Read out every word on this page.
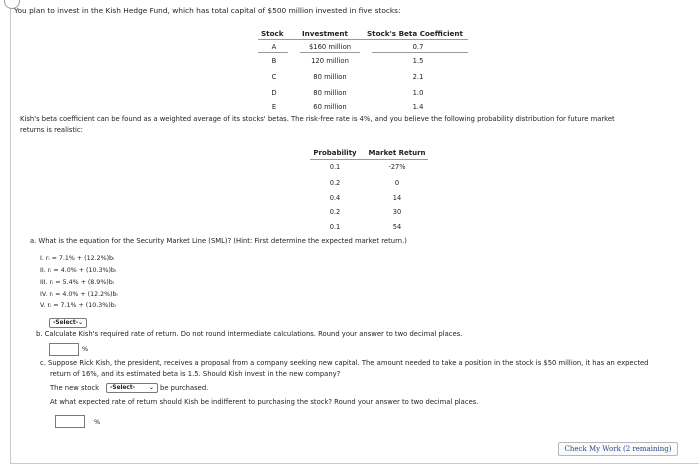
You plan to invest in the Kish Hedge Fund, which has total capital of $500 million invested in five stocks:
Stock	Investment	Stock's Beta Coefficient
A	$160 million	0.7
B	120 million	1.5
C	80 million	2.1
D	80 million	1.0
E	60 million	1.4
Kish's beta coefficient can be found as a weighted average of its stocks' betas. The risk-free rate is 4%, and you believe the following probability distribution for future market
returns is realistic:
Probability	Market Return
0.1	-27%
0.2	0
0.4	14
0.2	30
0.1	54
a. What is the equation for the Security Market Line (SML)? (Hint: First determine the expected market return.)
I. rᵢ = 7.1% + (12.2%)bᵢ
II. rᵢ = 4.0% + (10.3%)bᵢ
III. rᵢ = 5.4% + (8.9%)bᵢ
IV. rᵢ = 4.0% + (12.2%)bᵢ
V. rᵢ = 7.1% + (10.3%)bᵢ
-Select- ⌄
b. Calculate Kish's required rate of return. Do not round intermediate calculations. Round your answer to two decimal places.
%
c. Suppose Rick Kish, the president, receives a proposal from a company seeking new capital. The amount needed to take a position in the stock is $50 million, it has an expected
return of 16%, and its estimated beta is 1.5. Should Kish invest in the new company?
The new stock -Select- ⌄ be purchased.
At what expected rate of return should Kish be indifferent to purchasing the stock? Round your answer to two decimal places.
%
Check My Work (2 remaining)
